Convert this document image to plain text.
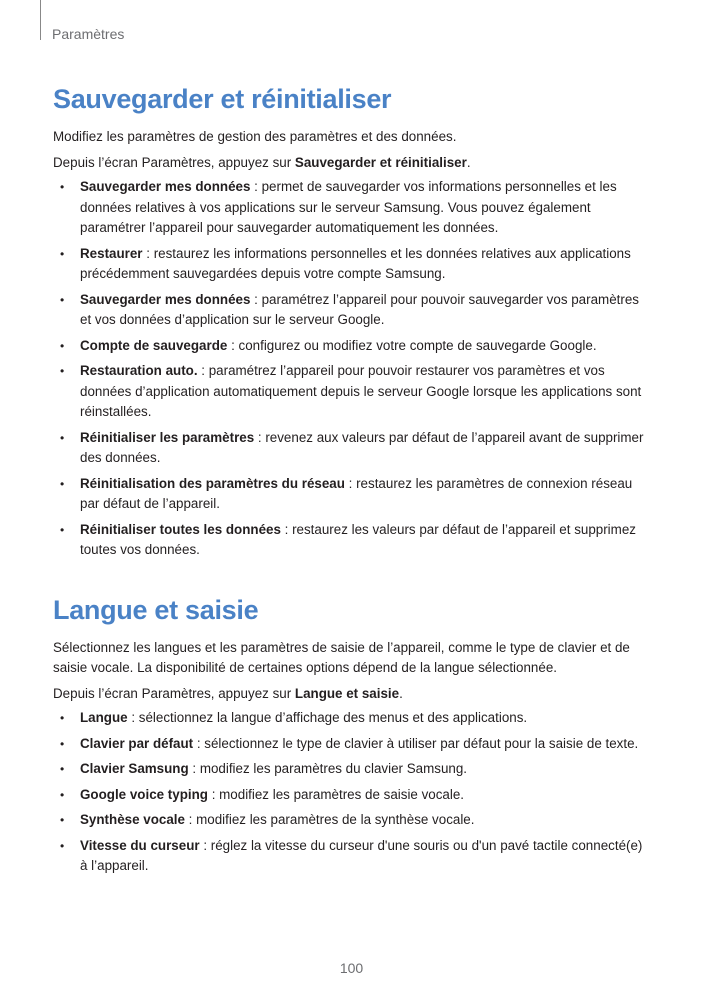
Paramètres
Sauvegarder et réinitialiser

Modifiez les paramètres de gestion des paramètres et des données.

Depuis l’écran Paramètres, appuyez sur Sauvegarder et réinitialiser.

• Sauvegarder mes données : permet de sauvegarder vos informations personnelles et les données relatives à vos applications sur le serveur Samsung. Vous pouvez également paramétrer l’appareil pour sauvegarder automatiquement les données.
• Restaurer : restaurez les informations personnelles et les données relatives aux applications précédemment sauvegardées depuis votre compte Samsung.
• Sauvegarder mes données : paramétrez l’appareil pour pouvoir sauvegarder vos paramètres et vos données d’application sur le serveur Google.
• Compte de sauvegarde : configurez ou modifiez votre compte de sauvegarde Google.
• Restauration auto. : paramétrez l’appareil pour pouvoir restaurer vos paramètres et vos données d’application automatiquement depuis le serveur Google lorsque les applications sont réinstallées.
• Réinitialiser les paramètres : revenez aux valeurs par défaut de l’appareil avant de supprimer des données.
• Réinitialisation des paramètres du réseau : restaurez les paramètres de connexion réseau par défaut de l’appareil.
• Réinitialiser toutes les données : restaurez les valeurs par défaut de l’appareil et supprimez toutes vos données.
Langue et saisie

Sélectionnez les langues et les paramètres de saisie de l’appareil, comme le type de clavier et de saisie vocale. La disponibilité de certaines options dépend de la langue sélectionnée.

Depuis l’écran Paramètres, appuyez sur Langue et saisie.

• Langue : sélectionnez la langue d’affichage des menus et des applications.
• Clavier par défaut : sélectionnez le type de clavier à utiliser par défaut pour la saisie de texte.
• Clavier Samsung : modifiez les paramètres du clavier Samsung.
• Google voice typing : modifiez les paramètres de saisie vocale.
• Synthèse vocale : modifiez les paramètres de la synthèse vocale.
• Vitesse du curseur : réglez la vitesse du curseur d'une souris ou d'un pavé tactile connecté(e) à l’appareil.
100
